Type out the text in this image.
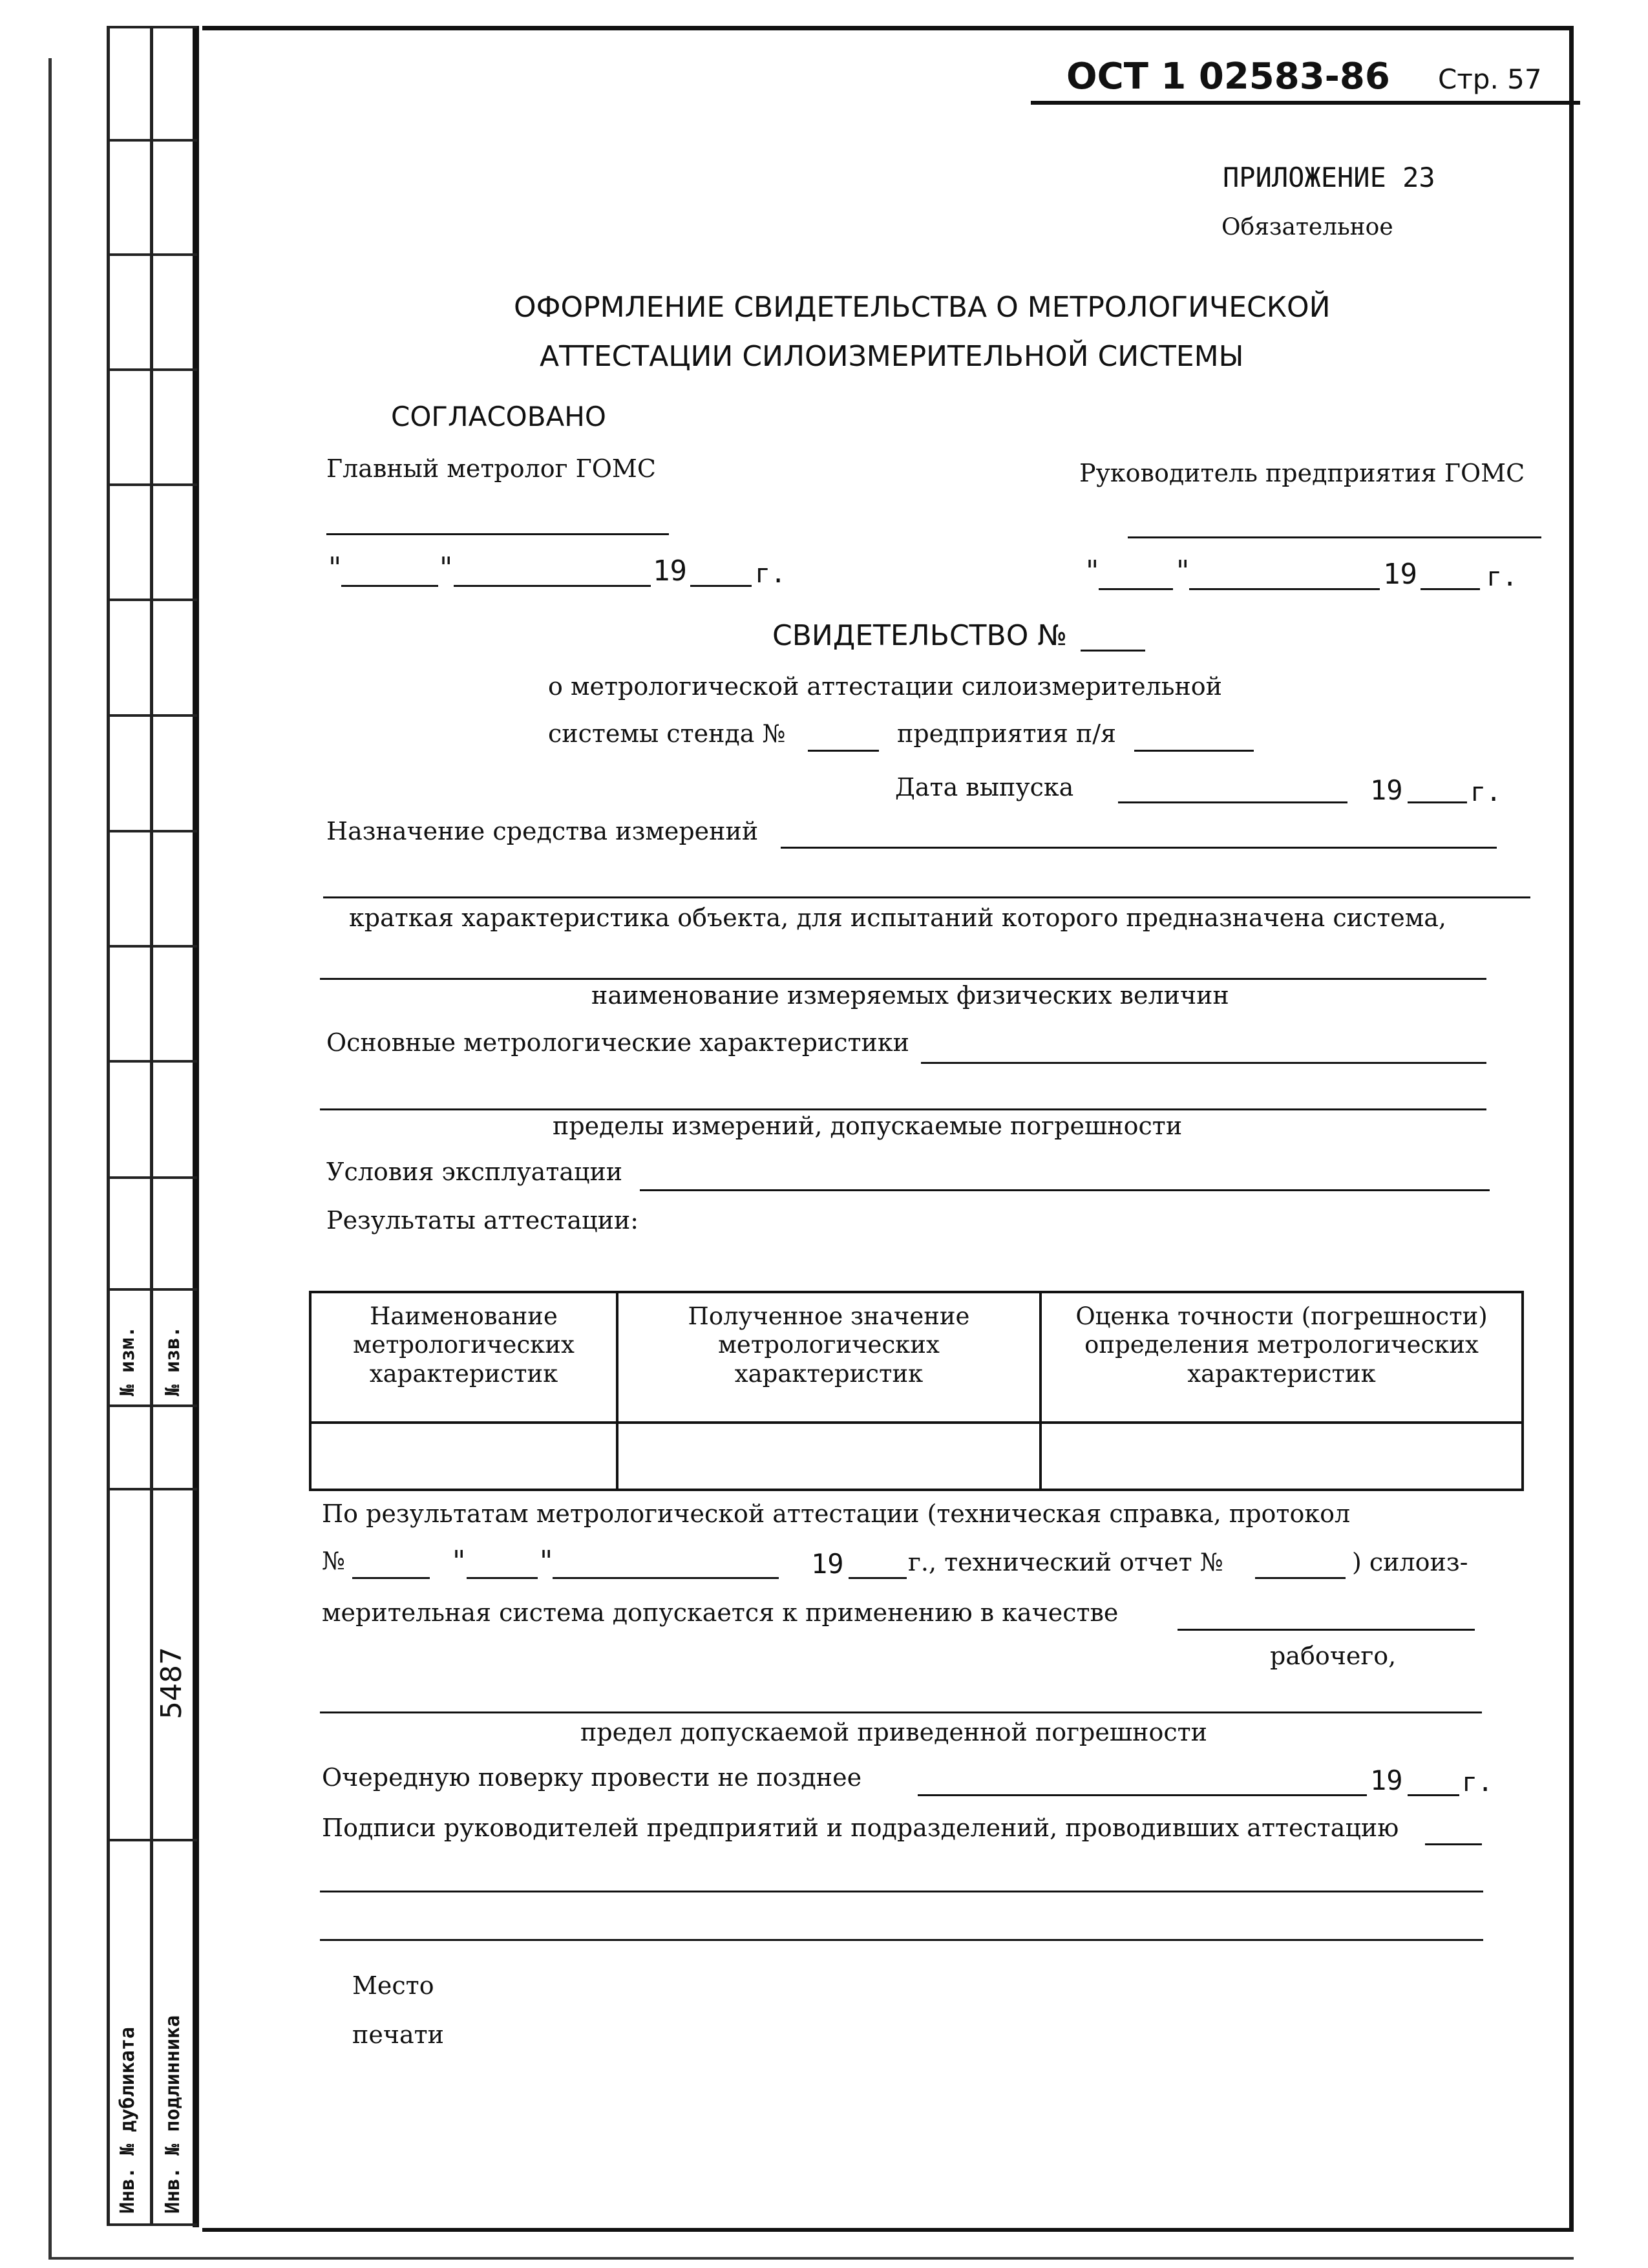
№ изм. № изв.
5487
Инв. № дубликата Инв. № подлинника
ОСТ 1 02583-86 Стр. 57
ПРИЛОЖЕНИЕ 23
Обязательное
ОФОРМЛЕНИЕ СВИДЕТЕЛЬСТВА О МЕТРОЛОГИЧЕСКОЙ
АТТЕСТАЦИИ СИЛОИЗМЕРИТЕЛЬНОЙ СИСТЕМЫ
СОГЛАСОВАНО
Главный метролог ГОМС	Руководитель предприятия ГОМС
"	"	19	г.	"	"	19	г.
СВИДЕТЕЛЬСТВО №
о метрологической аттестации силоизмерительной
системы стенда №	предприятия п/я
Дата выпуска	19	г.
Назначение средства измерений
краткая характеристика объекта, для испытаний которого предназначена система,
наименование измеряемых физических величин
Основные метрологические характеристики
пределы измерений, допускаемые погрешности
Условия эксплуатации
Результаты аттестации:
Наименование метрологических характеристик	Полученное значение метрологических характеристик	Оценка точности (погрешности) определения метрологических характеристик

По результатам метрологической аттестации (техническая справка, протокол
№	"	"	19	г., технический отчет №	) силоиз-
мерительная система допускается к применению в качестве
рабочего,
предел допускаемой приведенной погрешности
Очередную поверку провести не позднее	19 г.
Подписи руководителей предприятий и подразделений, проводивших аттестацию
Место
печати
